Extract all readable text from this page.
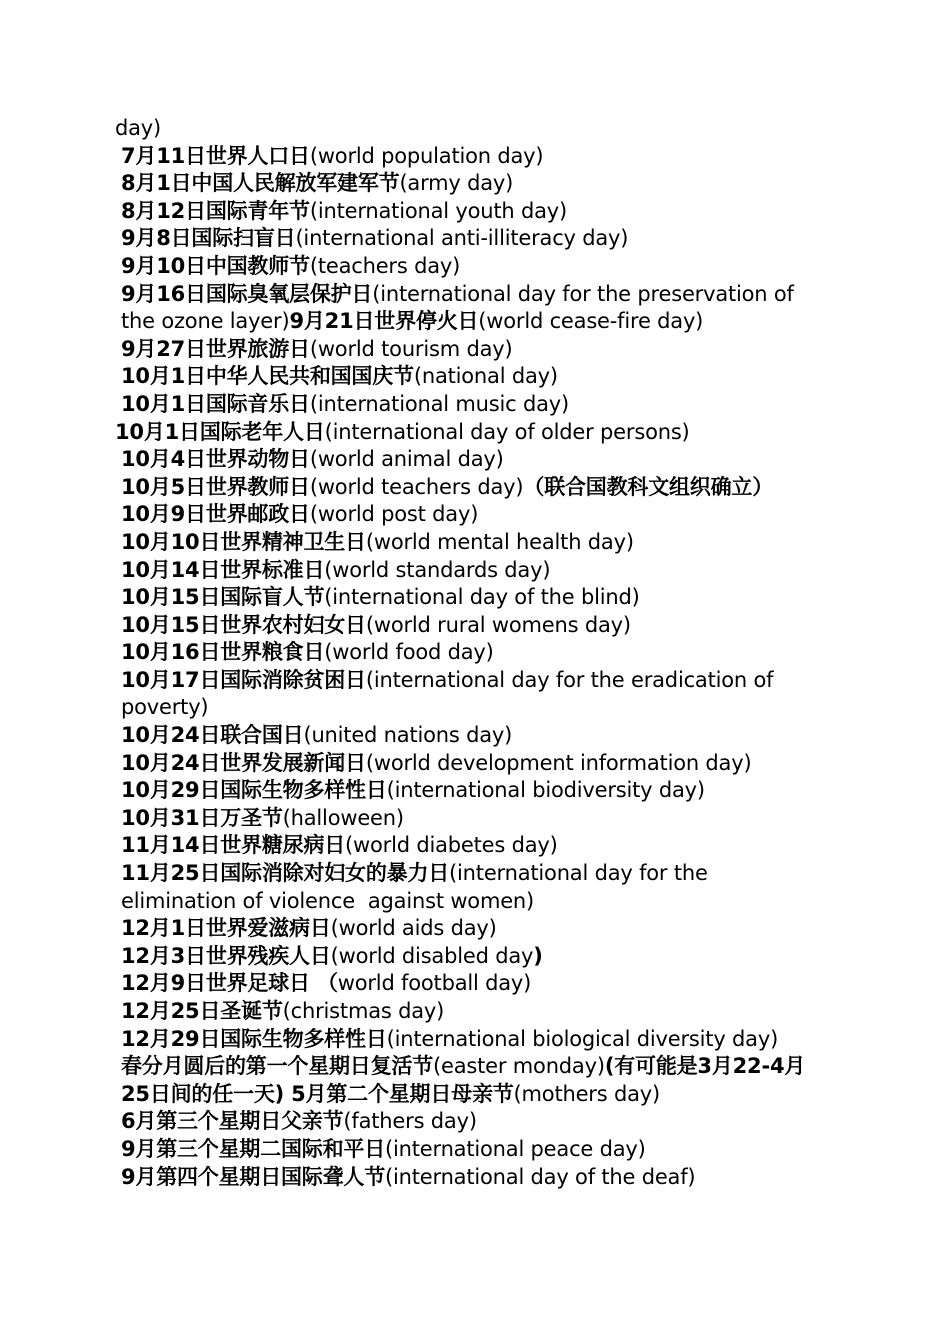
day)

7月11日世界人口日(world population day)

8月1日中国人民解放军建军节(army day)

8月12日国际青年节(international youth day)

9月8日国际扫盲日(international anti-illiteracy day)

9月10日中国教师节(teachers day)

9月16日国际臭氧层保护日(international day for the preservation of the ozone layer)9月21日世界停火日(world cease-fire day)

9月27日世界旅游日(world tourism day)

10月1日中华人民共和国国庆节(national day)

10月1日国际音乐日(international music day)

10月1日国际老年人日(international day of older persons)

10月4日世界动物日(world animal day)

10月5日世界教师日(world teachers day)（联合国教科文组织确立）

10月9日世界邮政日(world post day)

10月10日世界精神卫生日(world mental health day)

10月14日世界标准日(world standards day)

10月15日国际盲人节(international day of the blind)

10月15日世界农村妇女日(world rural womens day)

10月16日世界粮食日(world food day)

10月17日国际消除贫困日(international day for the eradication of poverty)

10月24日联合国日(united nations day)

10月24日世界发展新闻日(world development information day)

10月29日国际生物多样性日(international biodiversity day)

10月31日万圣节(halloween)

11月14日世界糖尿病日(world diabetes day)

11月25日国际消除对妇女的暴力日(international day for the elimination of violence  against women)

12月1日世界爱滋病日(world aids day)

12月3日世界残疾人日(world disabled day)

12月9日世界足球日 （world football day)

12月25日圣诞节(christmas day)

12月29日国际生物多样性日(international biological diversity day)

春分月圆后的第一个星期日复活节(easter monday)(有可能是3月22-4月25日间的任一天) 5月第二个星期日母亲节(mothers day)

6月第三个星期日父亲节(fathers day)

9月第三个星期二国际和平日(international peace day)

9月第四个星期日国际聋人节(international day of the deaf)
